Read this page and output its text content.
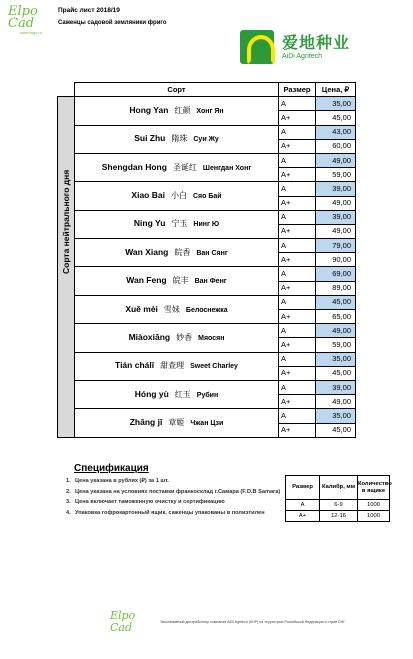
Elpo Cad
www.frigo.ru
Прайс лист 2018/19
Саженцы садовой земляники фриго
爱地种业
AiDi Agritech
	Сорт	Размер	Цена, ₽

Сорта нейтрального дня	Hong Yan 红颜 Хонг Ян	A	35,00
		A+	45,00
	Sui Zhu 隋珠 Суи Жу	A	43,00
		A+	60,00
	Shengdan Hong 圣诞红 Шенгдан Хонг	A	49,00
		A+	59,00
	Xiao Bai 小白 Сяо Бай	A	39,00
		A+	49,00
	Ning Yu 宁玉 Нинг Ю	A	39,00
		A+	49,00
	Wan Xiang 皖香 Ван Сянг	A	79,00
		A+	90,00
	Wan Feng 皖丰 Ван Фенг	A	69,00
		A+	89,00
	Xuě mèi 雪妹 Белоснежка	A	45,00
		A+	65,00
	Miàoxiāng 妙香 Мяосян	A	49,00
		A+	59,00
	Tián chálǐ 甜查理 Sweet Charley	A	35,00
		A+	45,00
	Hóng yù 红玉 Рубин	A	39,00
		A+	49,00
	Zhāng jī 章姬 Чжан Цзи	A	35,00
		A+	45,00
Спецификация
1. Цена указана в рублях (₽) за 1 шт.
2. Цена указана на условиях поставки франкосклад г.Самара (F.O.B Samara)
3. Цена включает таможенную очистку и сертификацию
4. Упаковка гофрокартонный ящик, саженцы упакованы в полиэтилен
Размер	Калибр, мм	Количество в ящике
A	6-9	1000
A+	12-16	1000
Elpo Cad	Эксклюзивный дистрибьютор компании AiDi Agritech (КНР) на территории Российской Федерации и стран СНГ.
